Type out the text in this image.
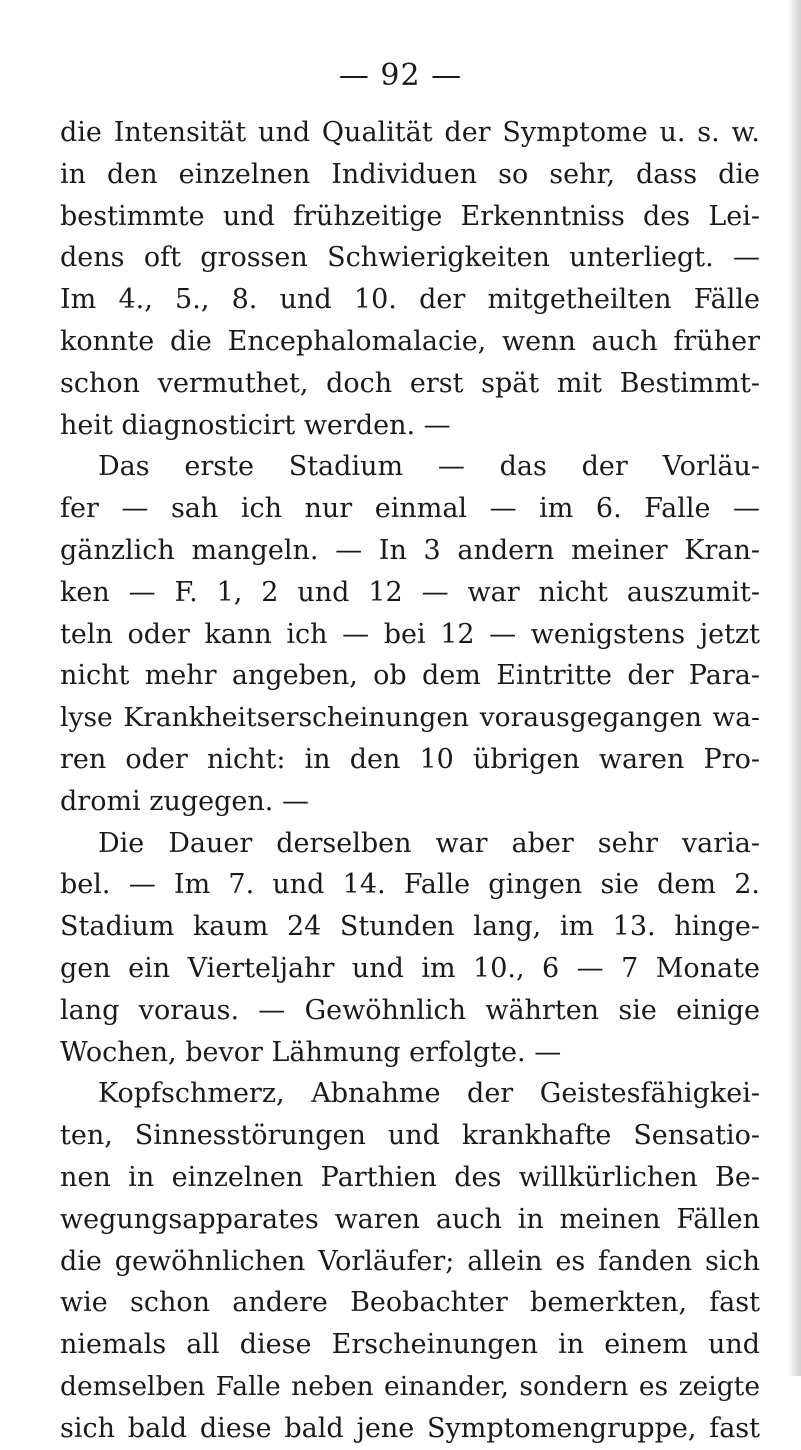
— 92 —
die Intensität und Qualität der Symptome u. s. w.
in den einzelnen Individuen so sehr, dass die
bestimmte und frühzeitige Erkenntniss des Lei-
dens oft grossen Schwierigkeiten unterliegt. —
Im 4., 5., 8. und 10. der mitgetheilten Fälle
konnte die Encephalomalacie, wenn auch früher
schon vermuthet, doch erst spät mit Bestimmt-
heit diagnosticirt werden. —
Das erste Stadium — das der Vorläu-
fer — sah ich nur einmal — im 6. Falle —
gänzlich mangeln. — In 3 andern meiner Kran-
ken — F. 1, 2 und 12 — war nicht auszumit-
teln oder kann ich — bei 12 — wenigstens jetzt
nicht mehr angeben, ob dem Eintritte der Para-
lyse Krankheitserscheinungen vorausgegangen wa-
ren oder nicht: in den 10 übrigen waren Pro-
dromi zugegen. —
Die Dauer derselben war aber sehr varia-
bel. — Im 7. und 14. Falle gingen sie dem 2.
Stadium kaum 24 Stunden lang, im 13. hinge-
gen ein Vierteljahr und im 10., 6 — 7 Monate
lang voraus. — Gewöhnlich währten sie einige
Wochen, bevor Lähmung erfolgte. —
Kopfschmerz, Abnahme der Geistesfähigkei-
ten, Sinnesstörungen und krankhafte Sensatio-
nen in einzelnen Parthien des willkürlichen Be-
wegungsapparates waren auch in meinen Fällen
die gewöhnlichen Vorläufer; allein es fanden sich
wie schon andere Beobachter bemerkten, fast
niemals all diese Erscheinungen in einem und
demselben Falle neben einander, sondern es zeigte
sich bald diese bald jene Symptomengruppe, fast
